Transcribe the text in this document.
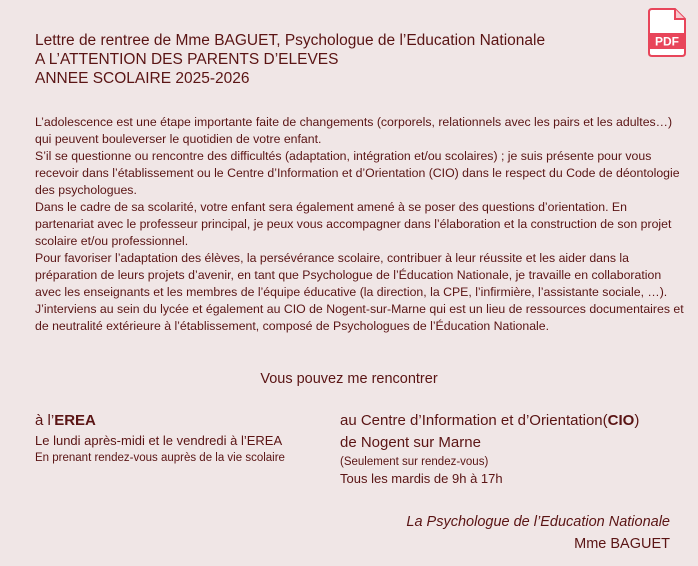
Lettre de rentree de Mme BAGUET, Psychologue de l’Education Nationale
A L’ATTENTION DES PARENTS D’ELEVES
ANNEE SCOLAIRE 2025-2026
PDF

L’adolescence est une étape importante faite de changements (corporels, relationnels avec les pairs et les adultes…) qui peuvent bouleverser le quotidien de votre enfant.

S’il se questionne ou rencontre des difficultés (adaptation, intégration et/ou scolaires) ; je suis présente pour vous recevoir dans l’établissement ou le Centre d’Information et d’Orientation (CIO) dans le respect du Code de déontologie des psychologues.

Dans le cadre de sa scolarité, votre enfant sera également amené à se poser des questions d’orientation. En partenariat avec le professeur principal, je peux vous accompagner dans l’élaboration et la construction de son projet scolaire et/ou professionnel.

Pour favoriser l’adaptation des élèves, la persévérance scolaire, contribuer à leur réussite et les aider dans la préparation de leurs projets d’avenir, en tant que Psychologue de l’Éducation Nationale, je travaille en collaboration avec les enseignants et les membres de l’équipe éducative (la direction, la CPE, l’infirmière, l’assistante sociale, …).

J’interviens au sein du lycée et également au CIO de Nogent-sur-Marne qui est un lieu de ressources documentaires et de neutralité extérieure à l’établissement, composé de Psychologues de l’Éducation Nationale.

Vous pouvez me rencontrer
à l’EREA
Le lundi après-midi et le vendredi à l’EREA
En prenant rendez-vous auprès de la vie scolaire
au Centre d’Information et d’Orientation(CIO)
de Nogent sur Marne
(Seulement sur rendez-vous)
Tous les mardis de 9h à 17h
La Psychologue de l’Education Nationale
Mme BAGUET
